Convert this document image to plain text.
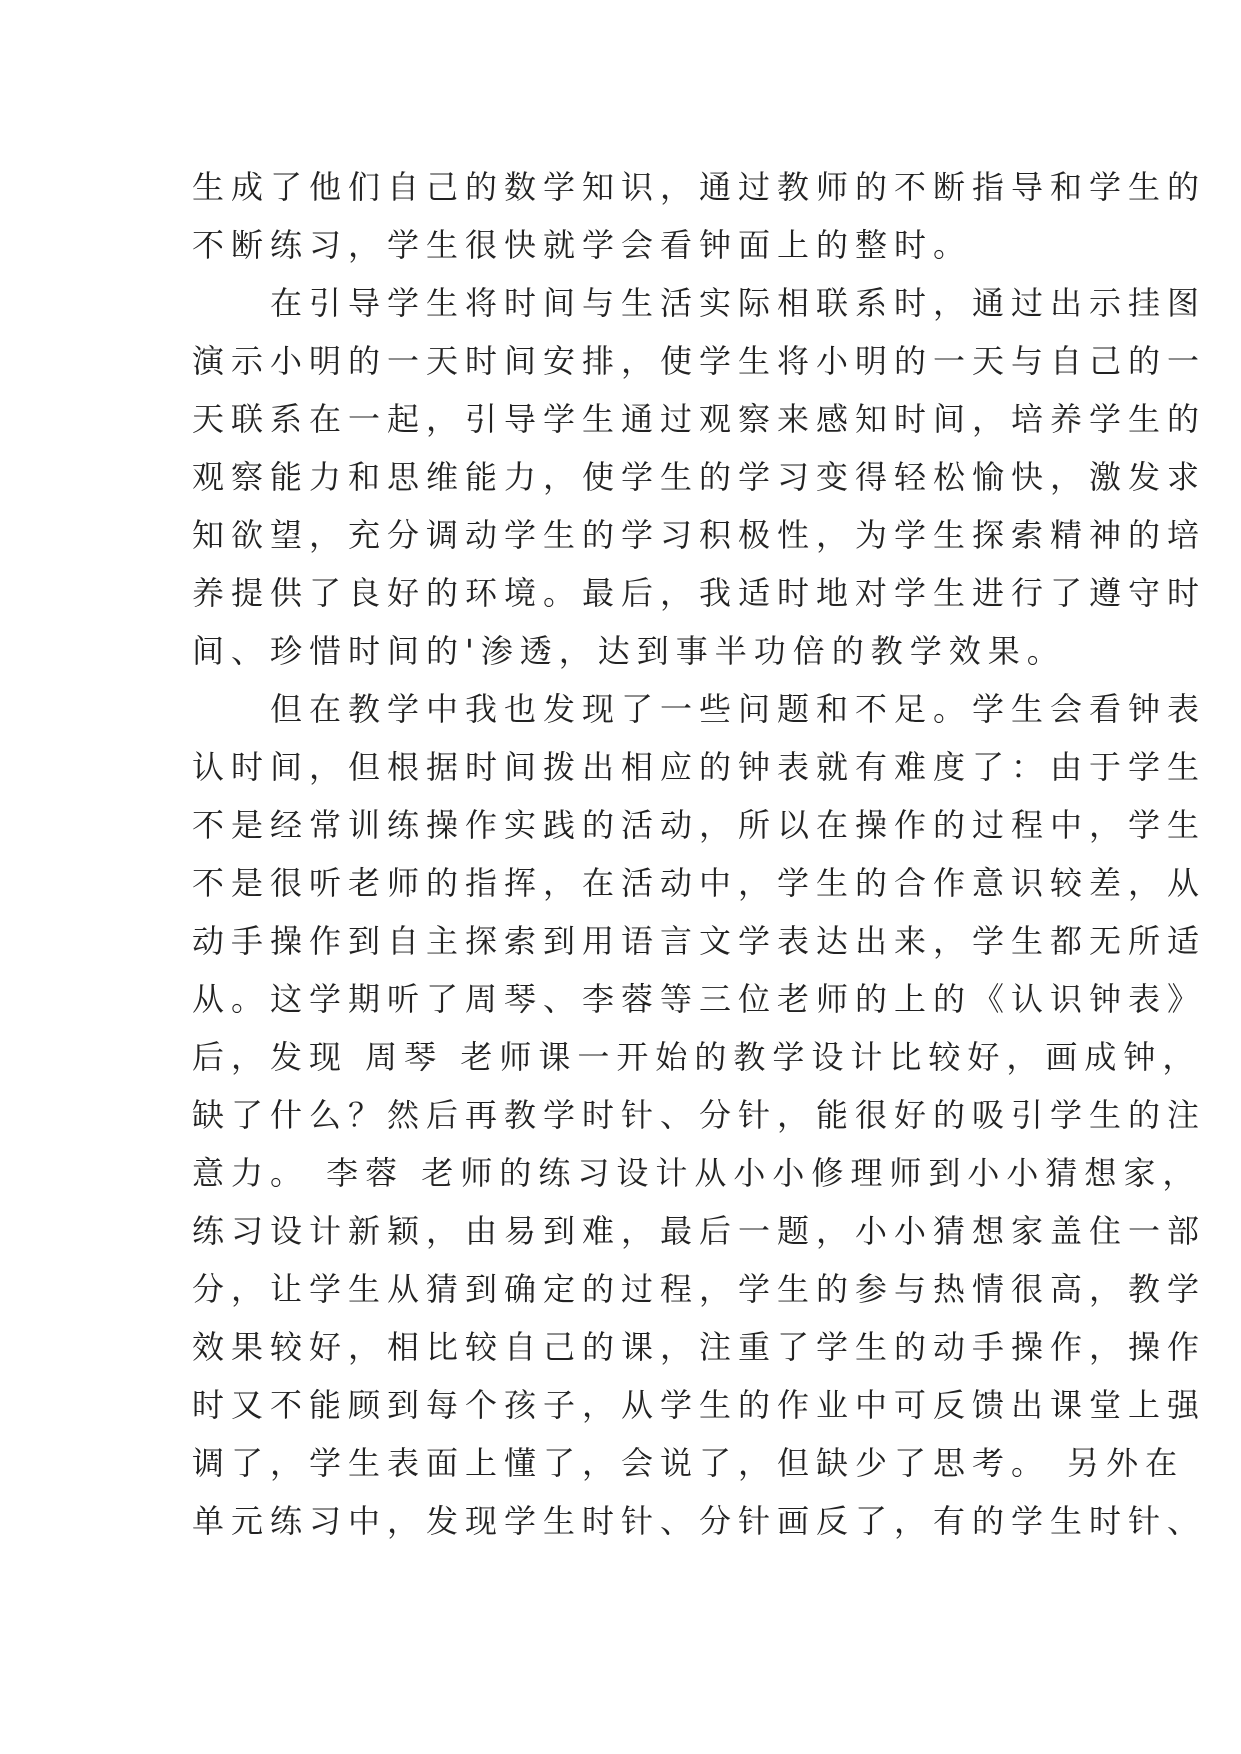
生成了他们自己的数学知识，通过教师的不断指导和学生的
不断练习，学生很快就学会看钟面上的整时。
　　在引导学生将时间与生活实际相联系时，通过出示挂图
演示小明的一天时间安排，使学生将小明的一天与自己的一
天联系在一起，引导学生通过观察来感知时间，培养学生的
观察能力和思维能力，使学生的学习变得轻松愉快，激发求
知欲望，充分调动学生的学习积极性，为学生探索精神的培
养提供了良好的环境。最后，我适时地对学生进行了遵守时
间、珍惜时间的'渗透，达到事半功倍的教学效果。
　　但在教学中我也发现了一些问题和不足。学生会看钟表
认时间，但根据时间拨出相应的钟表就有难度了：由于学生
不是经常训练操作实践的活动，所以在操作的过程中，学生
不是很听老师的指挥，在活动中，学生的合作意识较差，从
动手操作到自主探索到用语言文学表达出来，学生都无所适
从。这学期听了周琴、李蓉等三位老师的上的《认识钟表》
后，发现 周琴 老师课一开始的教学设计比较好，画成钟，
缺了什么？然后再教学时针、分针，能很好的吸引学生的注
意力。 李蓉 老师的练习设计从小小修理师到小小猜想家，
练习设计新颖，由易到难，最后一题，小小猜想家盖住一部
分，让学生从猜到确定的过程，学生的参与热情很高，教学
效果较好，相比较自己的课，注重了学生的动手操作，操作
时又不能顾到每个孩子，从学生的作业中可反馈出课堂上强
调了，学生表面上懂了，会说了，但缺少了思考。 另外在
单元练习中，发现学生时针、分针画反了，有的学生时针、
